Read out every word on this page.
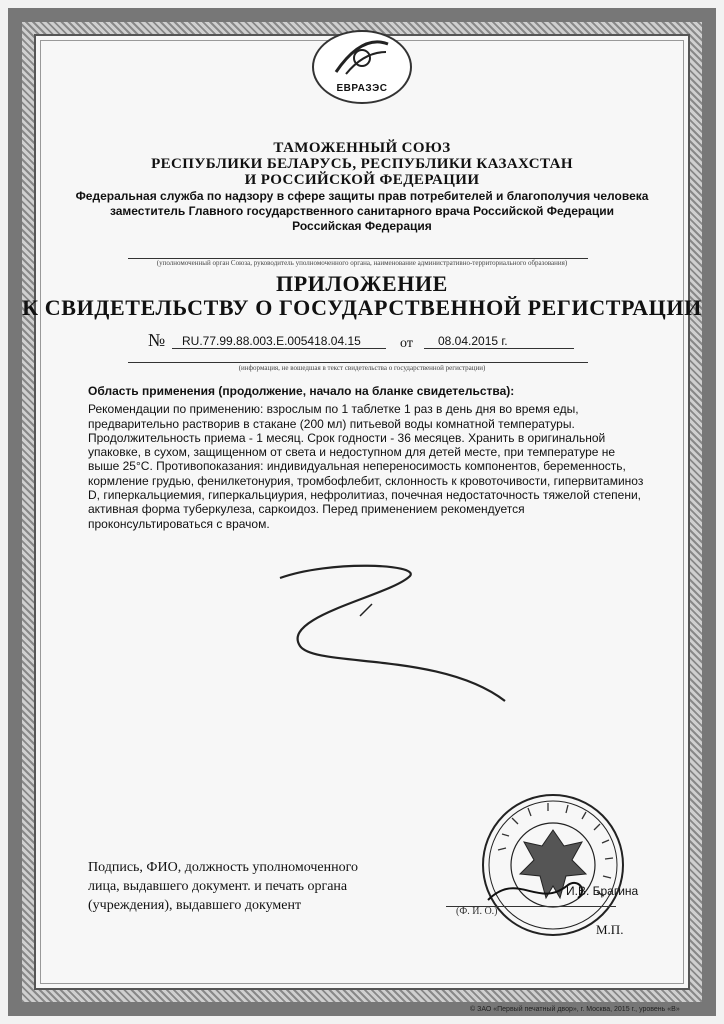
ЕВРАЗЭС
ТАМОЖЕННЫЙ СОЮЗ
РЕСПУБЛИКИ БЕЛАРУСЬ, РЕСПУБЛИКИ КАЗАХСТАН
И РОССИЙСКОЙ ФЕДЕРАЦИИ
Федеральная служба по надзору в сфере защиты прав потребителей и благополучия человека
заместитель Главного государственного санитарного врача Российской Федерации
Российская Федерация
(уполномоченный орган Союза, руководитель уполномоченного органа, наименование административно-территориального образования)
ПРИЛОЖЕНИЕ
К СВИДЕТЕЛЬСТВУ О ГОСУДАРСТВЕННОЙ РЕГИСТРАЦИИ
№ RU.77.99.88.003.E.005418.04.15	от 08.04.2015 г.
(информация, не вошедшая в текст свидетельства о государственной регистрации)

Область применения (продолжение, начало на бланке свидетельства):

Рекомендации по применению: взрослым по 1 таблетке 1 раз в день дня во время еды,

предварительно растворив в стакане (200 мл) питьевой воды комнатной температуры.

Продолжительность приема - 1 месяц. Срок годности - 36 месяцев. Хранить в оригинальной

упаковке, в сухом, защищенном от света и недоступном для детей месте, при температуре не

выше 25°С. Противопоказания: индивидуальная непереносимость компонентов, беременность,

кормление грудью, фенилкетонурия, тромбофлебит, склонность к кровоточивости, гипервитаминоз

D, гиперкальциемия, гиперкальциурия, нефролитиаз, почечная недостаточность тяжелой степени,

активная форма туберкулеза, саркоидоз. Перед применением рекомендуется

проконсультироваться с врачом.

Подпись, ФИО, должность уполномоченного
лица, выдавшего документ. и печать органа
(учреждения), выдавшего документ
И.В. Брагина
(Ф. И. О.)
М.П.
© ЗАО «Первый печатный двор», г. Москва, 2015 г., уровень «В»
